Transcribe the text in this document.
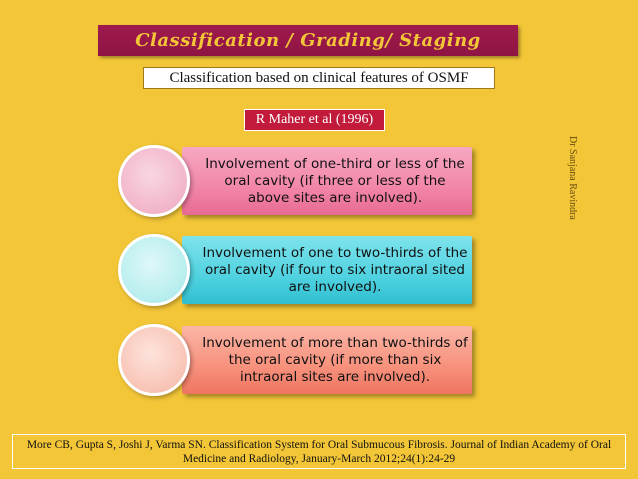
Classification / Grading/ Staging
Classification based on clinical features of OSMF
R Maher et al (1996)
Dr Sanjana Ravindra
Involvement of one-third or less of the oral cavity (if three or less of the above sites are involved).
Involvement of one to two-thirds of the oral cavity (if four to six intraoral sited are involved).
Involvement of more than two-thirds of the oral cavity (if more than six intraoral sites are involved).
More CB, Gupta S, Joshi J, Varma SN. Classification System for Oral Submucous Fibrosis. Journal of Indian Academy of Oral Medicine and Radiology, January-March 2012;24(1):24-29
